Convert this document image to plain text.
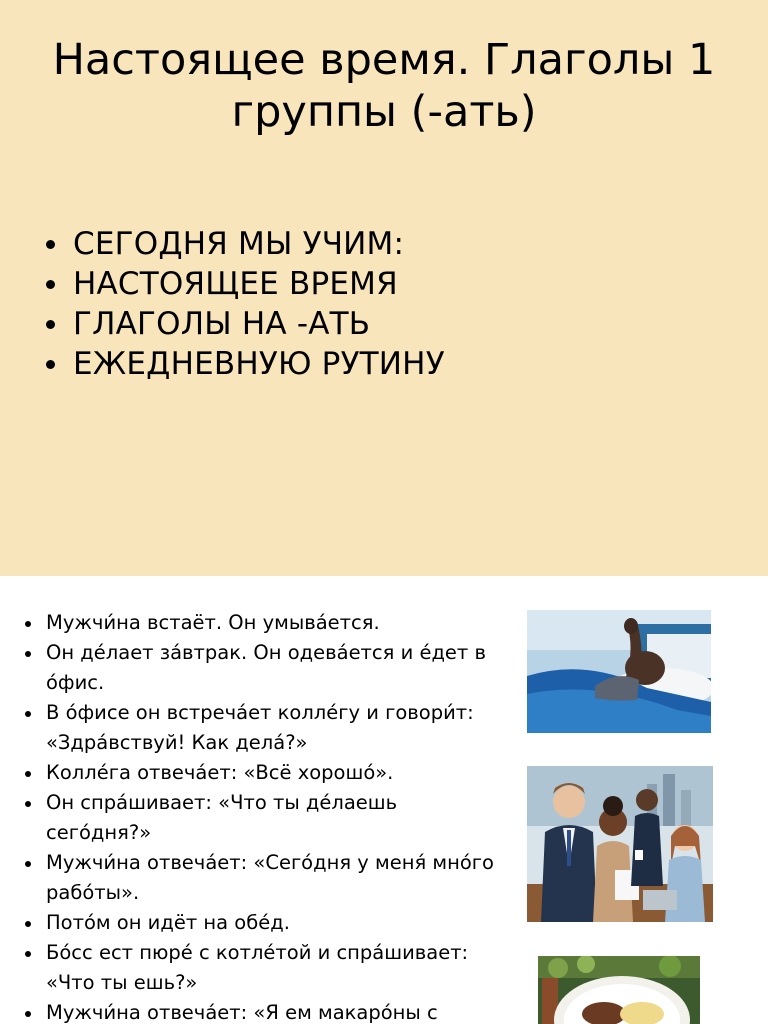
Настоящее время. Глаголы 1
группы (-ать)
СЕГОДНЯ МЫ УЧИМ:
НАСТОЯЩЕЕ ВРЕМЯ
ГЛАГОЛЫ НА -АТЬ
ЕЖЕДНЕВНУЮ РУТИНУ
Мужчи́на встаёт. Он умыва́ется.
Он де́лает за́втрак. Он одева́ется и е́дет в о́фис.
В о́фисе он встреча́ет колле́гу и говори́т: «Здра́вствуй! Как дела́?»
Колле́га отвеча́ет: «Всё хорошо́».
Он спра́шивает: «Что ты де́лаешь сего́дня?»
Мужчи́на отвеча́ет: «Сего́дня у меня́ мно́го рабо́ты».
Пото́м он идёт на обе́д.
Бо́сс ест пюре́ с котле́той и спра́шивает: «Что ты ешь?»
Мужчи́на отвеча́ет: «Я ем макаро́ны с
